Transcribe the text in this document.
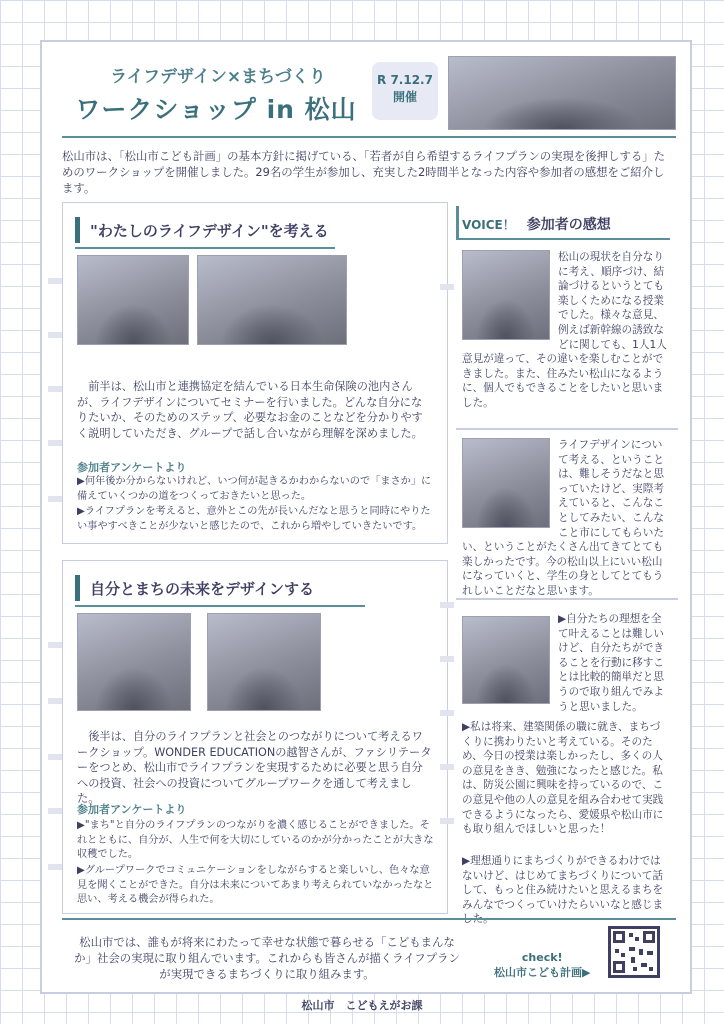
ライフデザイン×まちづくり
ワークショップ in 松山
R 7.12.7
開催
松山市は、「松山市こども計画」の基本方針に掲げている、「若者が自ら希望するライフプランの実現を後押しする」ためのワークショップを開催しました。29名の学生が参加し、充実した2時間半となった内容や参加者の感想をご紹介します。
"わたしのライフデザイン"を考える
前半は、松山市と連携協定を結んでいる日本生命保険の池内さんが、ライフデザインについてセミナーを行いました。どんな自分になりたいか、そのためのステップ、必要なお金のことなどを分かりやすく説明していただき、グループで話し合いながら理解を深めました。
参加者アンケートより
▶何年後か分からないけれど、いつ何が起きるかわからないので「まさか」に備えていくつかの道をつくっておきたいと思った。
▶ライフプランを考えると、意外とこの先が長いんだなと思うと同時にやりたい事やすべきことが少ないと感じたので、これから増やしていきたいです。
自分とまちの未来をデザインする
後半は、自分のライフプランと社会とのつながりについて考えるワークショップ。WONDER EDUCATIONの越智さんが、ファシリテーターをつとめ、松山市でライフプランを実現するために必要と思う自分への投資、社会への投資についてグループワークを通して考えました。
参加者アンケートより
▶"まち"と自分のライフプランのつながりを濃く感じることができました。それとともに、自分が、人生で何を大切にしているのかが分かったことが大きな収穫でした。
▶グループワークでコミュニケーションをしながらすると楽しいし、色々な意見を聞くことができた。自分は未来についてあまり考えられていなかったなと思い、考える機会が得られた。
VOICE！ 参加者の感想
松山の現状を自分なりに考え、順序づけ、結論づけるというとても楽しくためになる授業でした。様々な意見、例えば新幹線の誘致などに関しても、1人1人意見が違って、その違いを楽しむことができました。また、住みたい松山になるように、個人でもできることをしたいと思いました。
ライフデザインについて考える、ということは、難しそうだなと思っていたけど、実際考えていると、こんなことしてみたい、こんなこと市にしてもらいたい、ということがたくさん出てきてとても楽しかったです。今の松山以上にいい松山になっていくと、学生の身としてとてもうれしいことだなと思います。
▶自分たちの理想を全て叶えることは難しいけど、自分たちができることを行動に移すことは比較的簡単だと思うので取り組んでみようと思いました。
▶私は将来、建築関係の職に就き、まちづくりに携わりたいと考えている。そのため、今日の授業は楽しかったし、多くの人の意見をきき、勉強になったと感じた。私は、防災公園に興味を持っているので、この意見や他の人の意見を組み合わせて実践できるようになったら、愛媛県や松山市にも取り組んでほしいと思った！
▶理想通りにまちづくりができるわけではないけど、はじめてまちづくりについて話して、もっと住み続けたいと思えるまちをみんなでつくっていけたらいいなと感じま
松山市では、誰もが将来にわたって幸せな状態で暮らせる「こどもまんなか」社会の実現に取り組んでいます。これからも皆さんが描くライフプランが実現できるまちづくりに取り組みます。
check!
松山市こども計画▶
松山市　こどもえがお課
